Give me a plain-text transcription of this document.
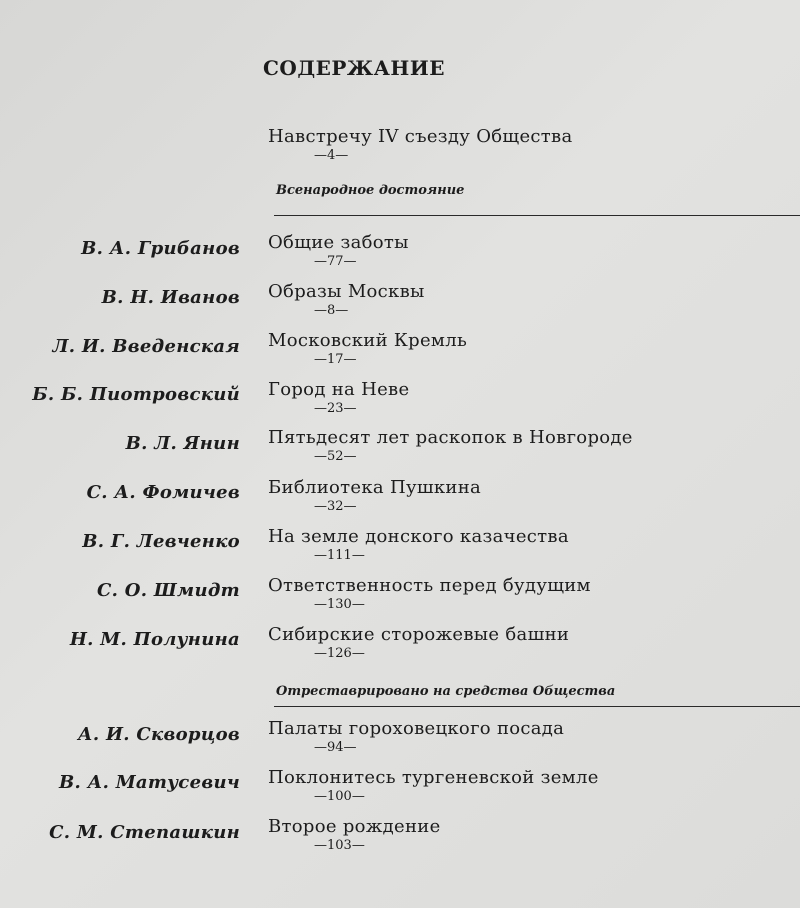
СОДЕРЖАНИЕ
Навстречу IV съезду Общества
—4—
Всенародное достояние
В. А. Грибанов Общие заботы
—77—
В. Н. Иванов Образы Москвы
—8—
Л. И. Введенская Московский Кремль
—17—
Б. Б. Пиотровский Город на Неве
—23—
В. Л. Янин Пятьдесят лет раскопок в Новгороде
—52—
С. А. Фомичев Библиотека Пушкина
—32—
В. Г. Левченко На земле донского казачества
—111—
С. О. Шмидт Ответственность перед будущим
—130—
Н. М. Полунина Сибирские сторожевые башни
—126—
Отреставрировано на средства Общества
А. И. Скворцов Палаты гороховецкого посада
—94—
В. А. Матусевич Поклонитесь тургеневской земле
—100—
С. М. Степашкин Второе рождение
—103—
